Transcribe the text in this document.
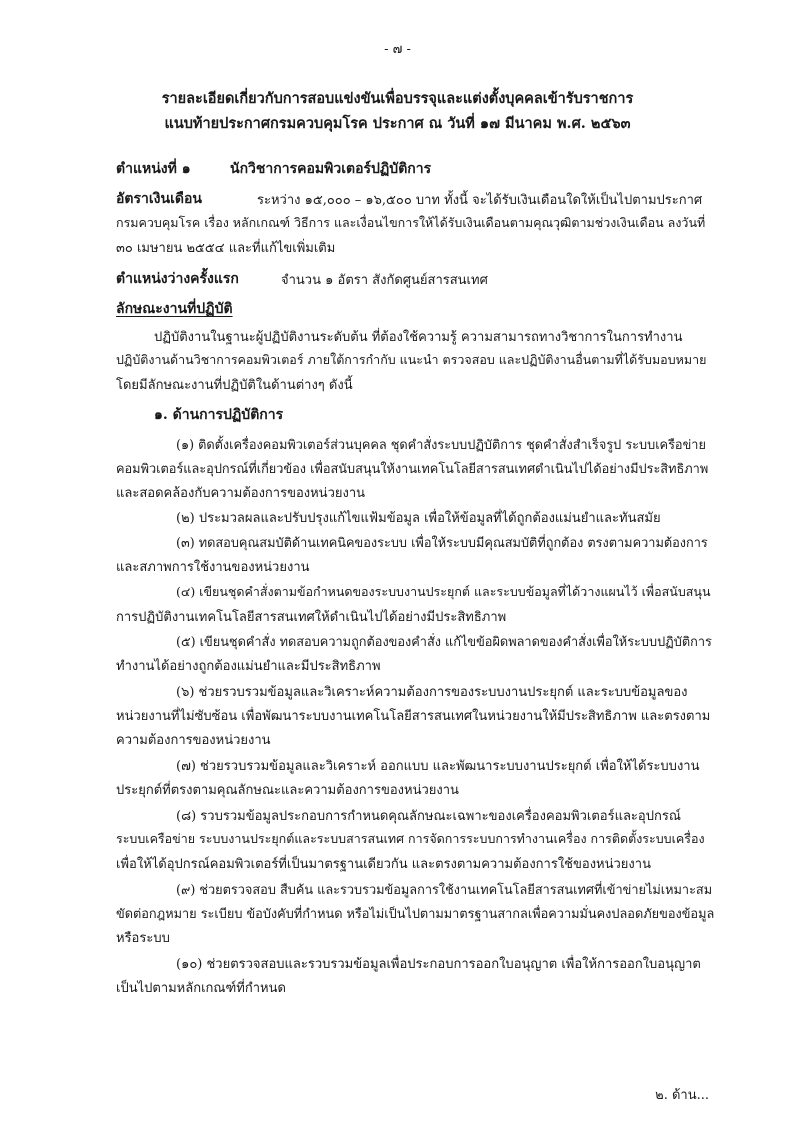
- ๗ -
รายละเอียดเกี่ยวกับการสอบแข่งขันเพื่อบรรจุและแต่งตั้งบุคคลเข้ารับราชการ
แนบท้ายประกาศกรมควบคุมโรค ประกาศ ณ วันที่ ๑๗ มีนาคม พ.ศ. ๒๕๖๓
ตำแหน่งที่ ๑	นักวิชาการคอมพิวเตอร์ปฏิบัติการ
อัตราเงินเดือน	ระหว่าง ๑๕,๐๐๐ – ๑๖,๕๐๐ บาท ทั้งนี้ จะได้รับเงินเดือนใดให้เป็นไปตามประกาศ
กรมควบคุมโรค เรื่อง หลักเกณฑ์ วิธีการ และเงื่อนไขการให้ได้รับเงินเดือนตามคุณวุฒิตามช่วงเงินเดือน ลงวันที่
๓๐ เมษายน ๒๕๕๔ และที่แก้ไขเพิ่มเติม
ตำแหน่งว่างครั้งแรก	จำนวน ๑ อัตรา สังกัดศูนย์สารสนเทศ
ลักษณะงานที่ปฏิบัติ
ปฏิบัติงานในฐานะผู้ปฏิบัติงานระดับต้น ที่ต้องใช้ความรู้ ความสามารถทางวิชาการในการทำงาน
ปฏิบัติงานด้านวิชาการคอมพิวเตอร์ ภายใต้การกำกับ แนะนำ ตรวจสอบ และปฏิบัติงานอื่นตามที่ได้รับมอบหมาย
โดยมีลักษณะงานที่ปฏิบัติในด้านต่างๆ ดังนี้
๑. ด้านการปฏิบัติการ
(๑) ติดตั้งเครื่องคอมพิวเตอร์ส่วนบุคคล ชุดคำสั่งระบบปฏิบัติการ ชุดคำสั่งสำเร็จรูป ระบบเครือข่าย
คอมพิวเตอร์และอุปกรณ์ที่เกี่ยวข้อง เพื่อสนับสนุนให้งานเทคโนโลยีสารสนเทศดำเนินไปได้อย่างมีประสิทธิภาพ
และสอดคล้องกับความต้องการของหน่วยงาน
(๒) ประมวลผลและปรับปรุงแก้ไขแฟ้มข้อมูล เพื่อให้ข้อมูลที่ได้ถูกต้องแม่นยำและทันสมัย
(๓) ทดสอบคุณสมบัติด้านเทคนิคของระบบ เพื่อให้ระบบมีคุณสมบัติที่ถูกต้อง ตรงตามความต้องการ
และสภาพการใช้งานของหน่วยงาน
(๔) เขียนชุดคำสั่งตามข้อกำหนดของระบบงานประยุกต์ และระบบข้อมูลที่ได้วางแผนไว้ เพื่อสนับสนุน
การปฏิบัติงานเทคโนโลยีสารสนเทศให้ดำเนินไปได้อย่างมีประสิทธิภาพ
(๕) เขียนชุดคำสั่ง ทดสอบความถูกต้องของคำสั่ง แก้ไขข้อผิดพลาดของคำสั่งเพื่อให้ระบบปฏิบัติการ
ทำงานได้อย่างถูกต้องแม่นยำและมีประสิทธิภาพ
(๖) ช่วยรวบรวมข้อมูลและวิเคราะห์ความต้องการของระบบงานประยุกต์ และระบบข้อมูลของ
หน่วยงานที่ไม่ซับซ้อน เพื่อพัฒนาระบบงานเทคโนโลยีสารสนเทศในหน่วยงานให้มีประสิทธิภาพ และตรงตาม
ความต้องการของหน่วยงาน
(๗) ช่วยรวบรวมข้อมูลและวิเคราะห์ ออกแบบ และพัฒนาระบบงานประยุกต์ เพื่อให้ได้ระบบงาน
ประยุกต์ที่ตรงตามคุณลักษณะและความต้องการของหน่วยงาน
(๘) รวบรวมข้อมูลประกอบการกำหนดคุณลักษณะเฉพาะของเครื่องคอมพิวเตอร์และอุปกรณ์
ระบบเครือข่าย ระบบงานประยุกต์และระบบสารสนเทศ การจัดการระบบการทำงานเครื่อง การติดตั้งระบบเครื่อง
เพื่อให้ได้อุปกรณ์คอมพิวเตอร์ที่เป็นมาตรฐานเดียวกัน และตรงตามความต้องการใช้ของหน่วยงาน
(๙) ช่วยตรวจสอบ สืบค้น และรวบรวมข้อมูลการใช้งานเทคโนโลยีสารสนเทศที่เข้าข่ายไม่เหมาะสม
ขัดต่อกฎหมาย ระเบียบ ข้อบังคับที่กำหนด หรือไม่เป็นไปตามมาตรฐานสากลเพื่อความมั่นคงปลอดภัยของข้อมูล
หรือระบบ
(๑๐) ช่วยตรวจสอบและรวบรวมข้อมูลเพื่อประกอบการออกใบอนุญาต เพื่อให้การออกใบอนุญาต
เป็นไปตามหลักเกณฑ์ที่กำหนด
๒. ด้าน...
